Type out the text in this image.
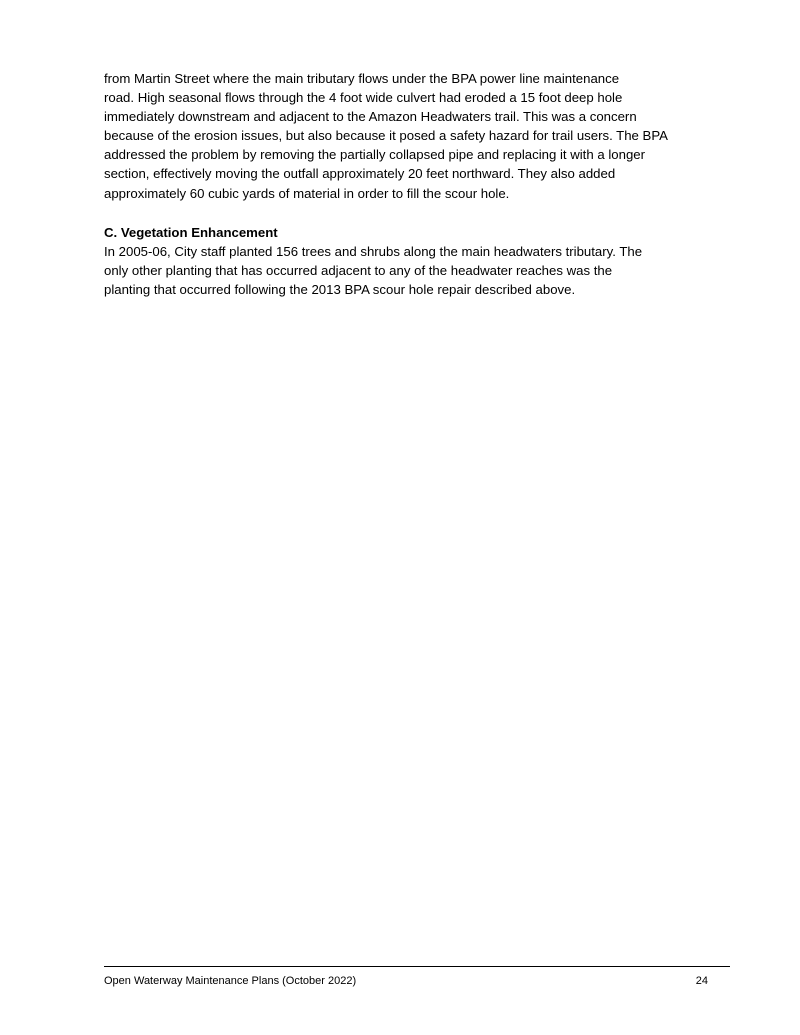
from Martin Street where the main tributary flows under the BPA power line maintenance
road. High seasonal flows through the 4 foot wide culvert had eroded a 15 foot deep hole
immediately downstream and adjacent to the Amazon Headwaters trail. This was a concern
because of the erosion issues, but also because it posed a safety hazard for trail users. The BPA
addressed the problem by removing the partially collapsed pipe and replacing it with a longer
section, effectively moving the outfall approximately 20 feet northward. They also added
approximately 60 cubic yards of material in order to fill the scour hole.
C. Vegetation Enhancement
In 2005-06, City staff planted 156 trees and shrubs along the main headwaters tributary. The
only other planting that has occurred adjacent to any of the headwater reaches was the
planting that occurred following the 2013 BPA scour hole repair described above.
Open Waterway Maintenance Plans (October 2022)	24
